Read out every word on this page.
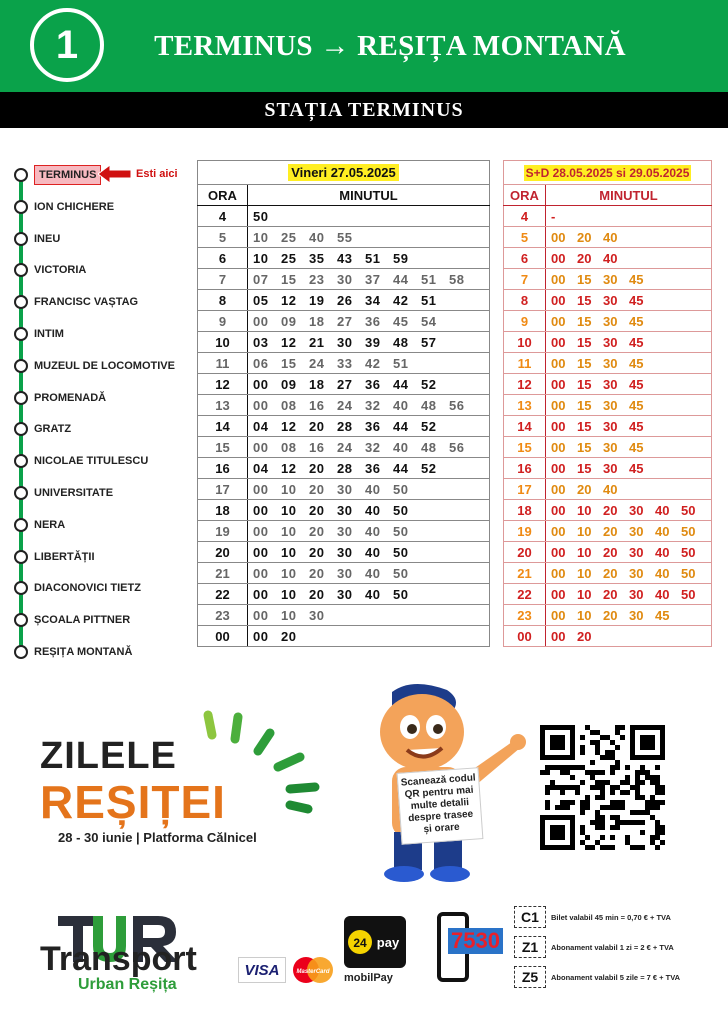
1	TERMINUS → REȘIȚA MONTANĂ
STAȚIA TERMINUS
TERMINUS
ION CHICHERE
INEU
VICTORIA
FRANCISC VAȘTAG
INTIM
MUZEUL DE LOCOMOTIVE
PROMENADĂ
GRATZ
NICOLAE TITULESCU
UNIVERSITATE
NERA
LIBERTĂȚII
DIACONOVICI TIETZ
ȘCOALA PITTNER
REȘIȚA MONTANĂ
Esti aici	Vineri 27.05.2025	
ORA	MINUTUL
4	50
5	10 25 40 55
6	10 25 35 43 51 59
7	07 15 23 30 37 44 51 58
8	05 12 19 26 34 42 51
9	00 09 18 27 36 45 54
10	03 12 21 30 39 48 57
11	06 15 24 33 42 51
12	00 09 18 27 36 44 52
13	00 08 16 24 32 40 48 56
14	04 12 20 28 36 44 52
15	00 08 16 24 32 40 48 56
16	04 12 20 28 36 44 52
17	00 10 20 30 40 50
18	00 10 20 30 40 50
19	00 10 20 30 40 50
20	00 10 20 30 40 50
21	00 10 20 30 40 50
22	00 10 20 30 40 50
23	00 10 30
00	00 20
S+D 28.05.2025 si 29.05.2025	
ORA	MINUTUL
4	-
5	00 20 40
6	00 20 40
7	00 15 30 45
8	00 15 30 45
9	00 15 30 45
10	00 15 30 45
11	00 15 30 45
12	00 15 30 45
13	00 15 30 45
14	00 15 30 45
15	00 15 30 45
16	00 15 30 45
17	00 20 40
18	00 10 20 30 40 50
19	00 10 20 30 40 50
20	00 10 20 30 40 50
21	00 10 20 30 40 50
22	00 10 20 30 40 50
23	00 10 20 30 45
00	00 20
ZILELE
REȘIȚEI
28 - 30 iunie | Platforma Cǎlnicel
Scanează codul QR pentru mai multe detalii despre trasee și orare
Transport
Urban Reșița
VISA	MasterCard
24 pay
mobilPay
7530
C1	Bilet valabil 45 min = 0,70 € + TVA
Z1	Abonament valabil 1 zi = 2 € + TVA
Z5	Abonament valabil 5 zile = 7 € + TVA
